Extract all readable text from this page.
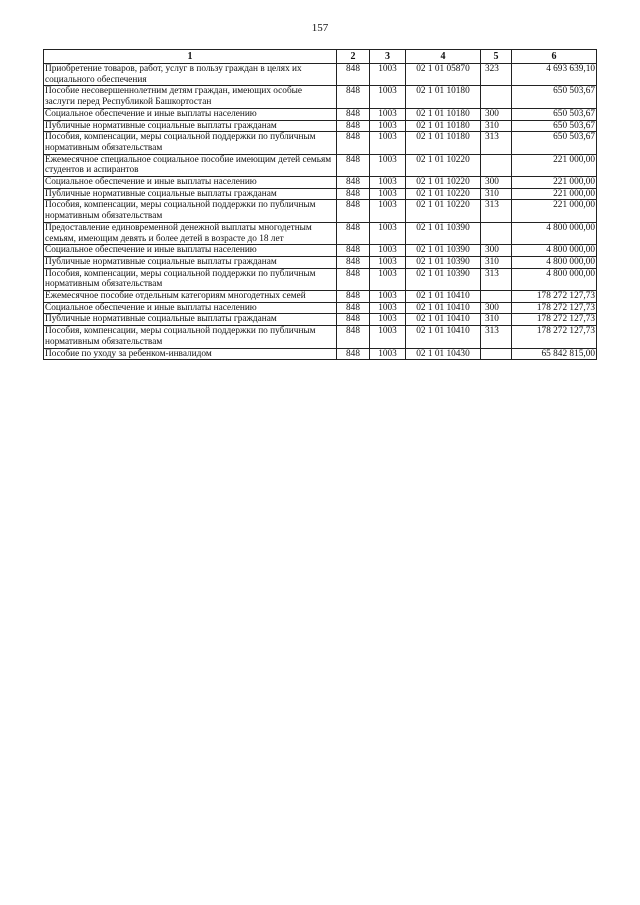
157
1	2	3	4	5	6
Приобретение товаров, работ, услуг в пользу граждан в целях их социального обеспечения	848	1003	02 1 01 05870	323	4 693 639,10
Пособие несовершеннолетним детям граждан, имеющих особые заслуги перед Республикой Башкортостан	848	1003	02 1 01 10180		650 503,67
Социальное обеспечение и иные выплаты населению	848	1003	02 1 01 10180	300	650 503,67
Публичные нормативные социальные выплаты гражданам	848	1003	02 1 01 10180	310	650 503,67
Пособия, компенсации, меры социальной поддержки по публичным нормативным обязательствам	848	1003	02 1 01 10180	313	650 503,67
Ежемесячное специальное социальное пособие имеющим детей семьям студентов и аспирантов	848	1003	02 1 01 10220		221 000,00
Социальное обеспечение и иные выплаты населению	848	1003	02 1 01 10220	300	221 000,00
Публичные нормативные социальные выплаты гражданам	848	1003	02 1 01 10220	310	221 000,00
Пособия, компенсации, меры социальной поддержки по публичным нормативным обязательствам	848	1003	02 1 01 10220	313	221 000,00
Предоставление единовременной денежной выплаты многодетным семьям, имеющим девять и более детей в возрасте до 18 лет	848	1003	02 1 01 10390		4 800 000,00
Социальное обеспечение и иные выплаты населению	848	1003	02 1 01 10390	300	4 800 000,00
Публичные нормативные социальные выплаты гражданам	848	1003	02 1 01 10390	310	4 800 000,00
Пособия, компенсации, меры социальной поддержки по публичным нормативным обязательствам	848	1003	02 1 01 10390	313	4 800 000,00
Ежемесячное пособие отдельным категориям многодетных семей	848	1003	02 1 01 10410		178 272 127,73
Социальное обеспечение и иные выплаты населению	848	1003	02 1 01 10410	300	178 272 127,73
Публичные нормативные социальные выплаты гражданам	848	1003	02 1 01 10410	310	178 272 127,73
Пособия, компенсации, меры социальной поддержки по публичным нормативным обязательствам	848	1003	02 1 01 10410	313	178 272 127,73
Пособие по уходу за ребенком-инвалидом	848	1003	02 1 01 10430		65 842 815,00
